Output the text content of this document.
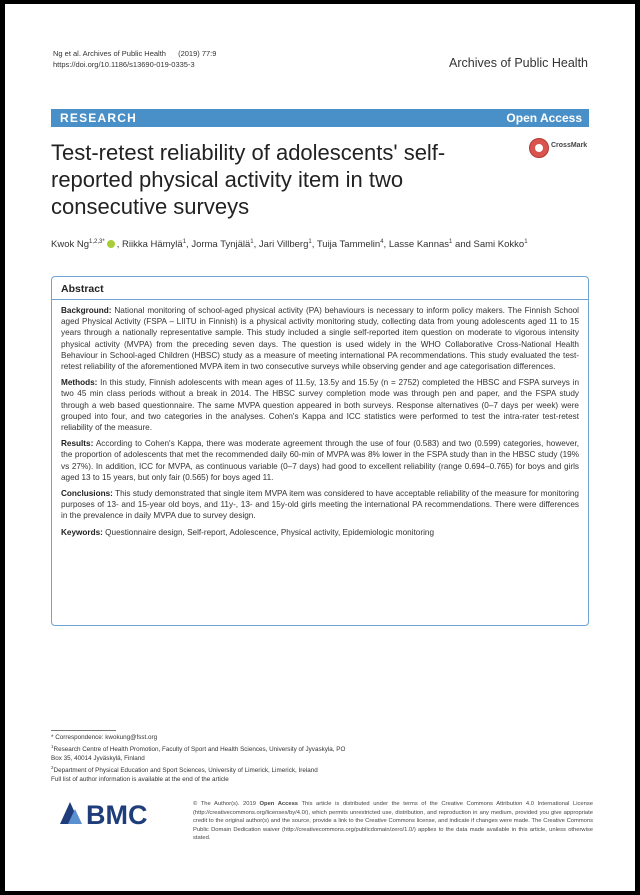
Ng et al. Archives of Public Health (2019) 77:9
https://doi.org/10.1186/s13690-019-0335-3	Archives of Public Health
RESEARCH	Open Access
CrossMark
Test-retest reliability of adolescents' self-reported physical activity item in two consecutive surveys
Kwok $Ng^{1,2,3*}$ , Riikka Hämylä$^1$, Jorma Tynjälä$^1$, Jari Villberg$^1$, Tuija Tammelin$^4$, Lasse Kannas$^1$ and Sami Kokko$^1$
Abstract

Background: National monitoring of school-aged physical activity (PA) behaviours is necessary to inform policy makers. The Finnish School aged Physical Activity (FSPA – LIITU in Finnish) is a physical activity monitoring study, collecting data from young adolescents aged 11 to 15 years through a nationally representative sample. This study included a single self-reported item question on moderate to vigorous intensity physical activity (MVPA) from the preceding seven days. The question is used widely in the WHO Collaborative Cross-National Health Behaviour in School-aged Children (HBSC) study as a measure of meeting international PA recommendations. This study evaluated the test-retest reliability of the aforementioned MVPA item in two consecutive surveys while observing gender and age categorisation differences.

Methods: In this study, Finnish adolescents with mean ages of 11.5y, 13.5y and 15.5y (n = 2752) completed the HBSC and FSPA surveys in two 45 min class periods without a break in 2014. The HBSC survey completion mode was through pen and paper, and the FSPA study through a web based questionnaire. The same MVPA question appeared in both surveys. Response alternatives (0–7 days per week) were grouped into four, and two categories in the analyses. Cohen's Kappa and ICC statistics were performed to test the intra-rater test-retest reliability of the measure.

Results: According to Cohen's Kappa, there was moderate agreement through the use of four (0.583) and two (0.599) categories, however, the proportion of adolescents that met the recommended daily 60-min of MVPA was 8% lower in the FSPA study than in the HBSC study (19% vs 27%). In addition, ICC for MVPA, as continuous variable (0–7 days) had good to excellent reliability (range 0.694–0.765) for boys and girls aged 13 to 15 years, but only fair (0.565) for boys aged 11.

Conclusions: This study demonstrated that single item MVPA item was considered to have acceptable reliability of the measure for monitoring purposes of 13- and 15-year old boys, and 11y-, 13- and 15y-old girls meeting the international PA recommendations. There were differences in the prevalence in daily MVPA due to survey design.

Keywords: Questionnaire design, Self-report, Adolescence, Physical activity, Epidemiologic monitoring

* Correspondence: kwokung@fsst.org

$^1$Research Centre of Health Promotion, Faculty of Sport and Health Sciences, University of Jyvaskyla, PO Box 35, 40014 Jyväskylä, Finland

$^2$Department of Physical Education and Sport Sciences, University of Limerick, Limerick, Ireland

Full list of author information is available at the end of the article

BMC	© The Author(s). 2019 Open Access This article is distributed under the terms of the Creative Commons Attribution 4.0 International License (http://creativecommons.org/licenses/by/4.0/), which permits unrestricted use, distribution, and reproduction in any medium, provided you give appropriate credit to the original author(s) and the source, provide a link to the Creative Commons license, and indicate if changes were made. The Creative Commons Public Domain Dedication waiver (http://creativecommons.org/publicdomain/zero/1.0/) applies to the data made available in this article, unless otherwise stated.
